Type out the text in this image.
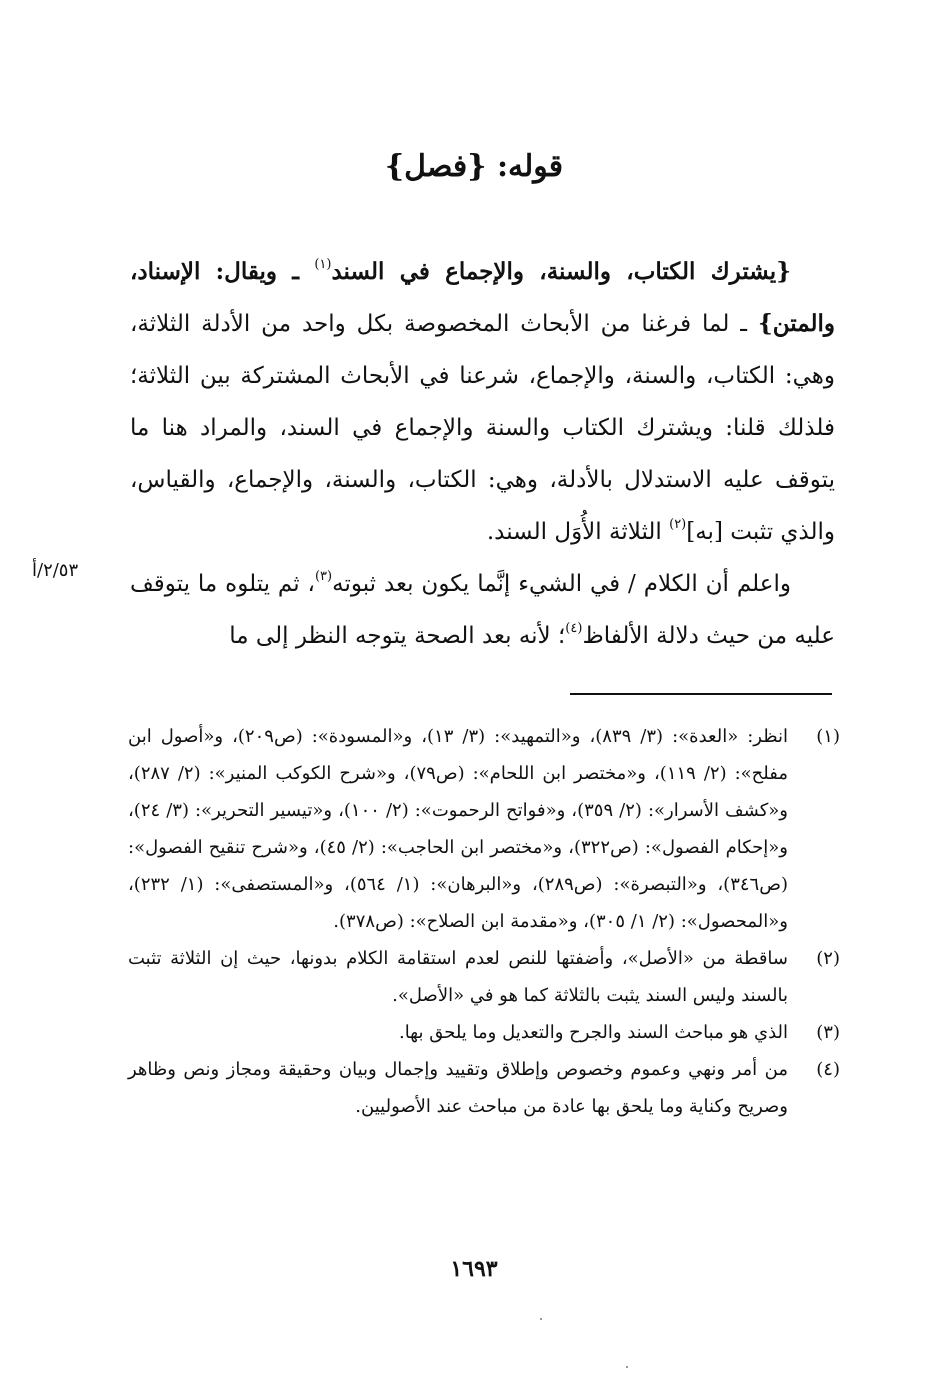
قوله: {فصل}

{يشترك الكتاب، والسنة، والإجماع في السند$^{(١)}$ ـ ويقال: الإسناد، والمتن} ـ لما فرغنا من الأبحاث المخصوصة بكل واحد من الأدلة الثلاثة، وهي: الكتاب، والسنة، والإجماع، شرعنا في الأبحاث المشتركة بين الثلاثة؛ فلذلك قلنا: ويشترك الكتاب والسنة والإجماع في السند، والمراد هنا ما يتوقف عليه الاستدلال بالأدلة، وهي: الكتاب، والسنة، والإجماع، والقياس، والذي تثبت [به]$^{(٢)}$ الثلاثة الأُوَل السند.

واعلم أن الكلام / في الشيء إنَّما يكون بعد ثبوته$^{(٣)}$، ثم يتلوه ما يتوقف عليه من حيث دلالة الألفاظ$^{(٤)}$؛ لأنه بعد الصحة يتوجه النظر إلى ما

٢/٥٣/أ
(١)
انظر: «العدة»: (٣/ ٨٣٩)، و«التمهيد»: (٣/ ١٣)، و«المسودة»: (ص٢٠٩)، و«أصول ابن مفلح»: (٢/ ١١٩)، و«مختصر ابن اللحام»: (ص٧٩)، و«شرح الكوكب المنير»: (٢/ ٢٨٧)، و«كشف الأسرار»: (٢/ ٣٥٩)، و«فواتح الرحموت»: (٢/ ١٠٠)، و«تيسير التحرير»: (٣/ ٢٤)، و«إحكام الفصول»: (ص٣٢٢)، و«مختصر ابن الحاجب»: (٢/ ٤٥)، و«شرح تنقيح الفصول»: (ص٣٤٦)، و«التبصرة»: (ص٢٨٩)، و«البرهان»: (١/ ٥٦٤)، و«المستصفى»: (١/ ٢٣٢)، و«المحصول»: (٢/ ١/ ٣٠٥)، و«مقدمة ابن الصلاح»: (ص٣٧٨).
(٢)
ساقطة من «الأصل»، وأضفتها للنص لعدم استقامة الكلام بدونها، حيث إن الثلاثة تثبت بالسند وليس السند يثبت بالثلاثة كما هو في «الأصل».
(٣)
الذي هو مباحث السند والجرح والتعديل وما يلحق بها.
(٤)
من أمر ونهي وعموم وخصوص وإطلاق وتقييد وإجمال وبيان وحقيقة ومجاز ونص وظاهر وصريح وكناية وما يلحق بها عادة من مباحث عند الأصوليين.
١٦٩٣
